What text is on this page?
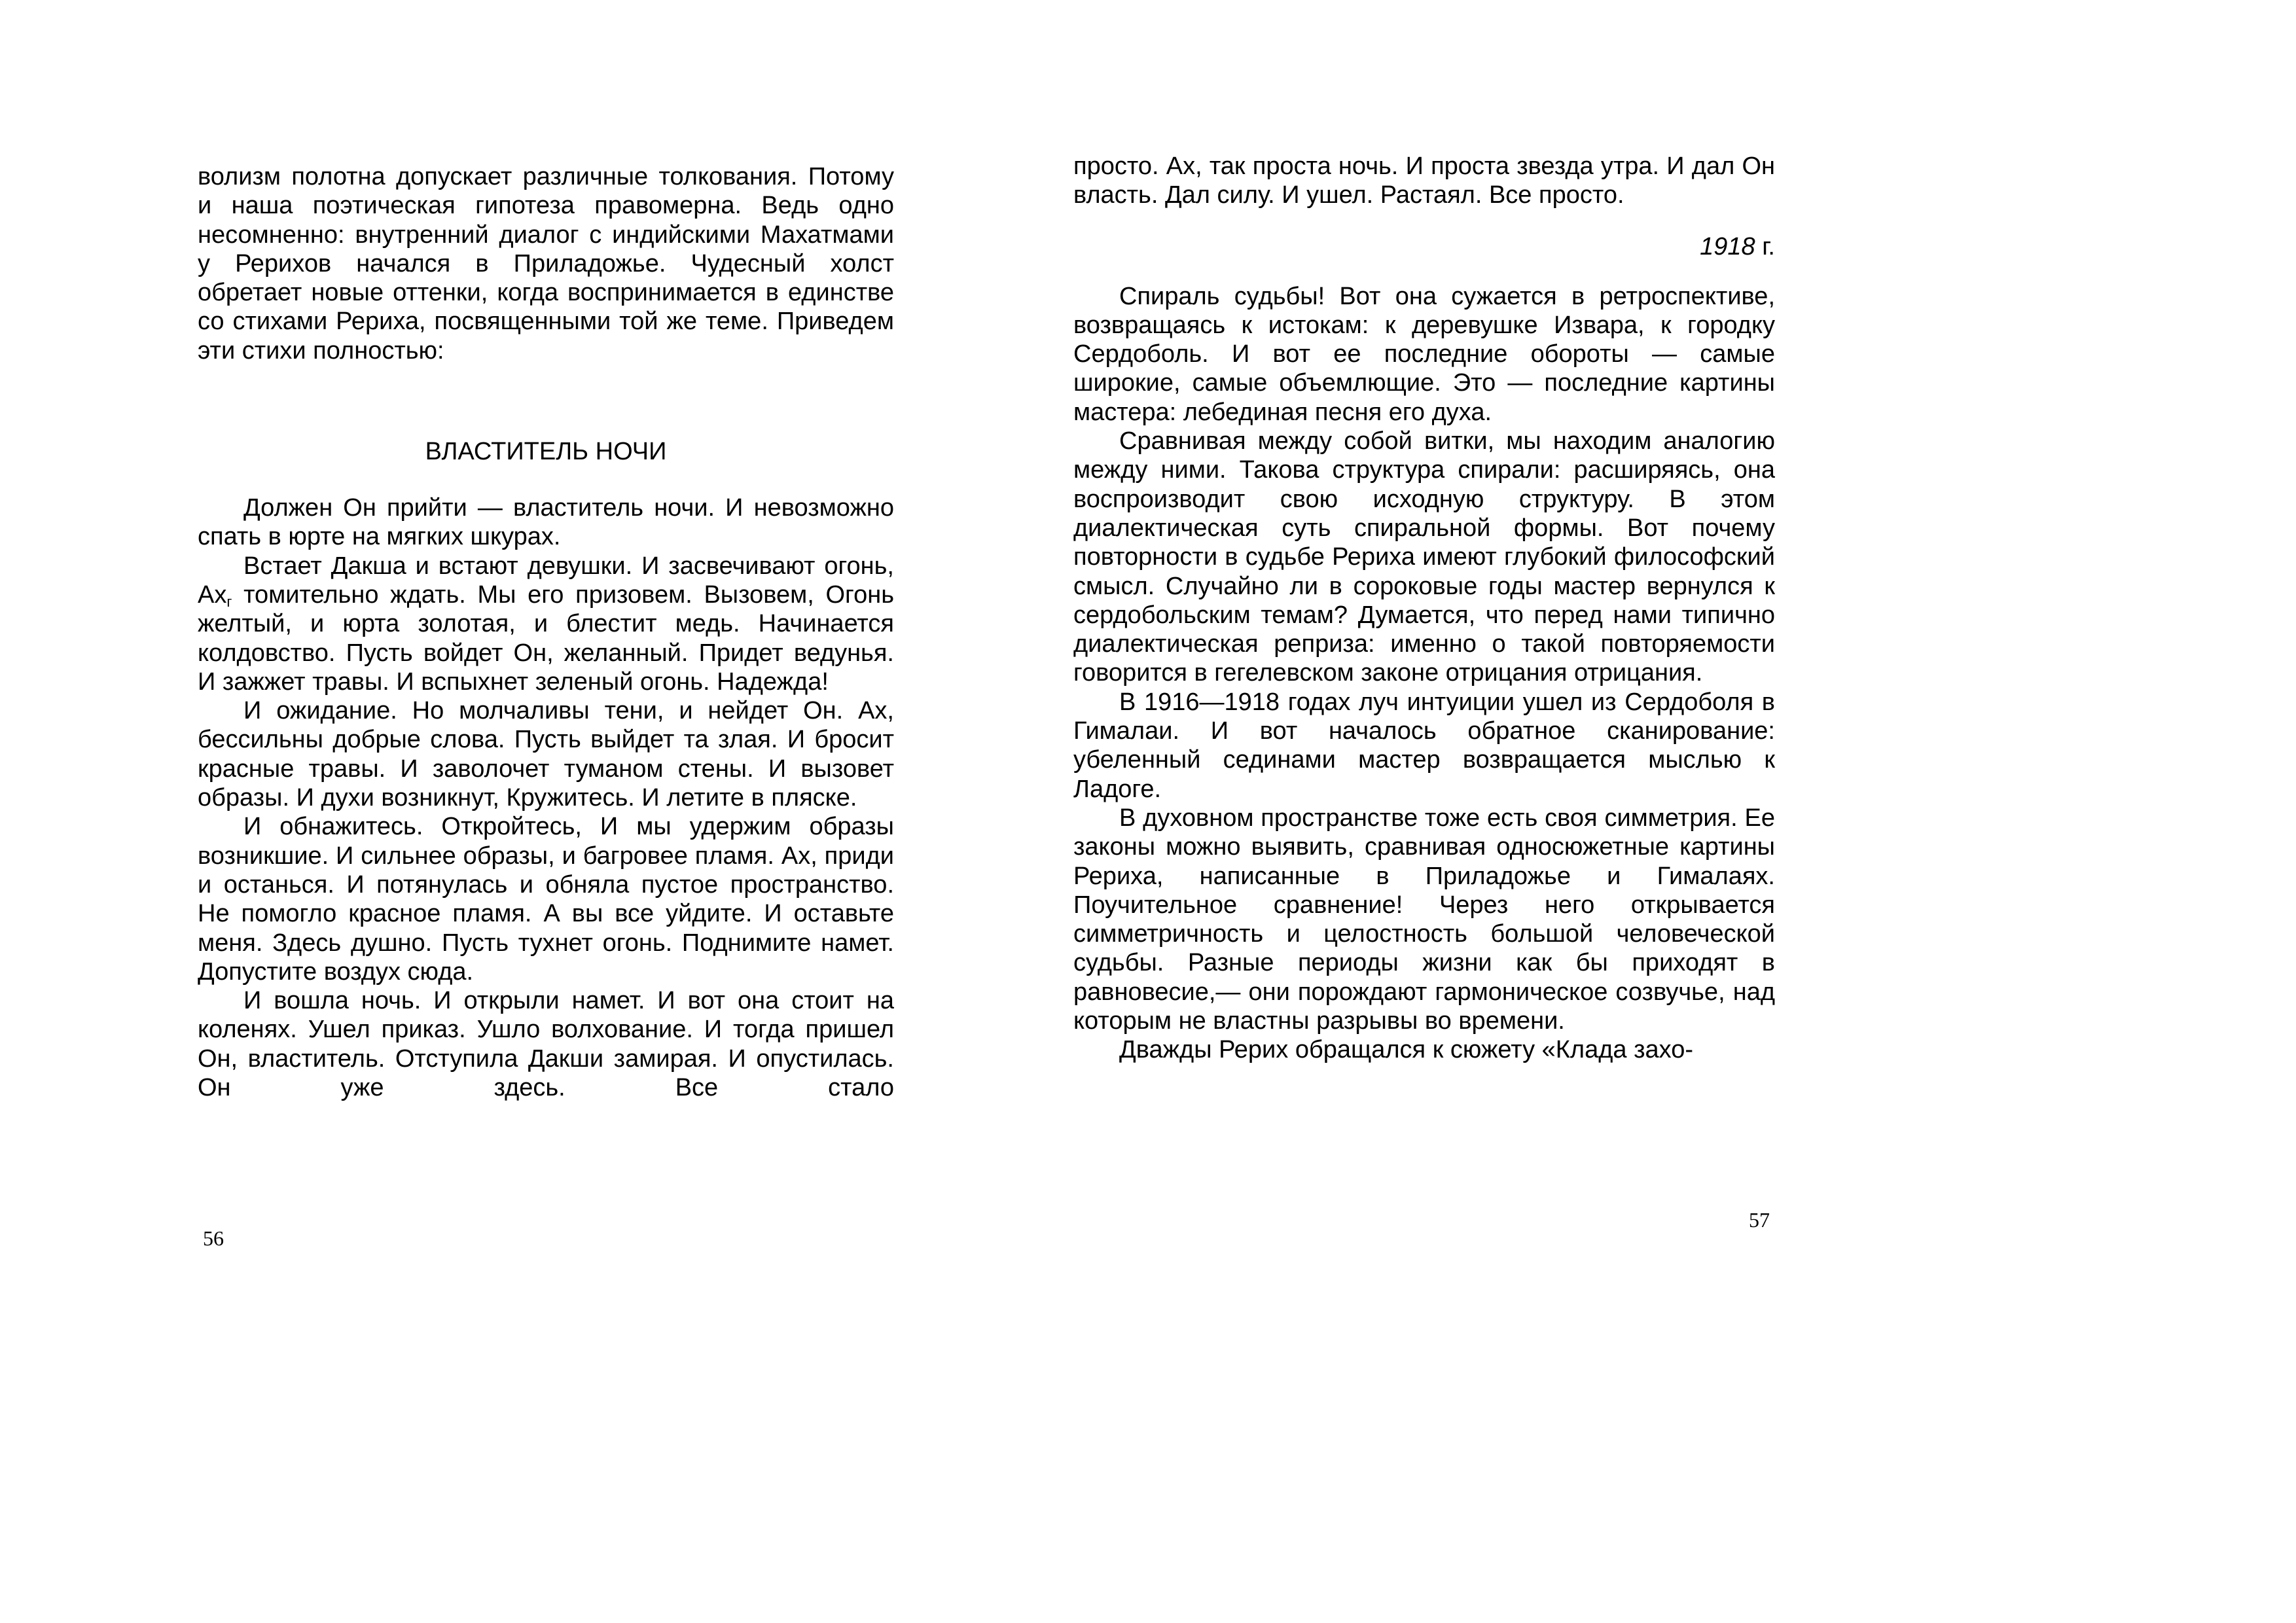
волизм полотна допускает различные толкования. Потому и наша поэтическая гипотеза правомерна. Ведь одно несомненно: внутренний диалог с индийскими Махатмами у Рерихов начался в Приладожье. Чудесный холст обретает новые оттенки, когда воспринимается в единстве со стихами Рериха, посвященными той же теме. Приведем эти стихи полностью:

ВЛАСТИТЕЛЬ НОЧИ

Должен Он прийти — властитель ночи. И невозможно спать в юрте на мягких шкурах.

Встает Дакша и встают девушки. И засвечивают огонь, $Ах_г$ томительно ждать. Мы его призовем. Вызовем, Огонь желтый, и юрта золотая, и блестит медь. Начинается колдовство. Пусть войдет Он, желанный. Придет ведунья. И зажжет травы. И вспыхнет зеленый огонь. Надежда!

И ожидание. Но молчаливы тени, и нейдет Он. Ах, бессильны добрые слова. Пусть выйдет та злая. И бросит красные травы. И заволочет туманом стены. И вызовет образы. И духи возникнут, Кружитесь. И летите в пляске.

И обнажитесь. Откройтесь, И мы удержим образы возникшие. И сильнее образы, и багровее пламя. Ах, приди и останься. И потянулась и обняла пустое пространство. Не помогло красное пламя. А вы все уйдите. И оставьте меня. Здесь душно. Пусть тухнет огонь. Поднимите намет. Допустите воздух сюда.

И вошла ночь. И открыли намет. И вот она стоит на коленях. Ушел приказ. Ушло волхование. И тогда пришел Он, властитель. Отступила Дакши замирая. И опустилась. Он уже здесь. Все стало

56

просто. Ах, так проста ночь. И проста звезда утра. И дал Он власть. Дал силу. И ушел. Растаял. Все просто.

1918 г.

Спираль судьбы! Вот она сужается в ретроспективе, возвращаясь к истокам: к деревушке Извара, к городку Сердоболь. И вот ее последние обороты — самые широкие, самые объемлющие. Это — последние картины мастера: лебединая песня его духа.

Сравнивая между собой витки, мы находим аналогию между ними. Такова структура спирали: расширяясь, она воспроизводит свою исходную структуру. В этом диалектическая суть спиральной формы. Вот почему повторности в судьбе Рериха имеют глубокий философский смысл. Случайно ли в сороковые годы мастер вернулся к сердобольским темам? Думается, что перед нами типично диалектическая реприза: именно о такой повторяемости говорится в гегелевском законе отрицания отрицания.

В 1916—1918 годах луч интуиции ушел из Сердоболя в Гималаи. И вот началось обратное сканирование: убеленный сединами мастер возвращается мыслью к Ладоге.

В духовном пространстве тоже есть своя симметрия. Ее законы можно выявить, сравнивая односюжетные картины Рериха, написанные в Приладожье и Гималаях. Поучительное сравнение! Через него открывается симметричность и целостность большой человеческой судьбы. Разные периоды жизни как бы приходят в равновесие,— они порождают гармоническое созвучье, над которым не властны разрывы во времени.

Дважды Рерих обращался к сюжету «Клада захо-

57
